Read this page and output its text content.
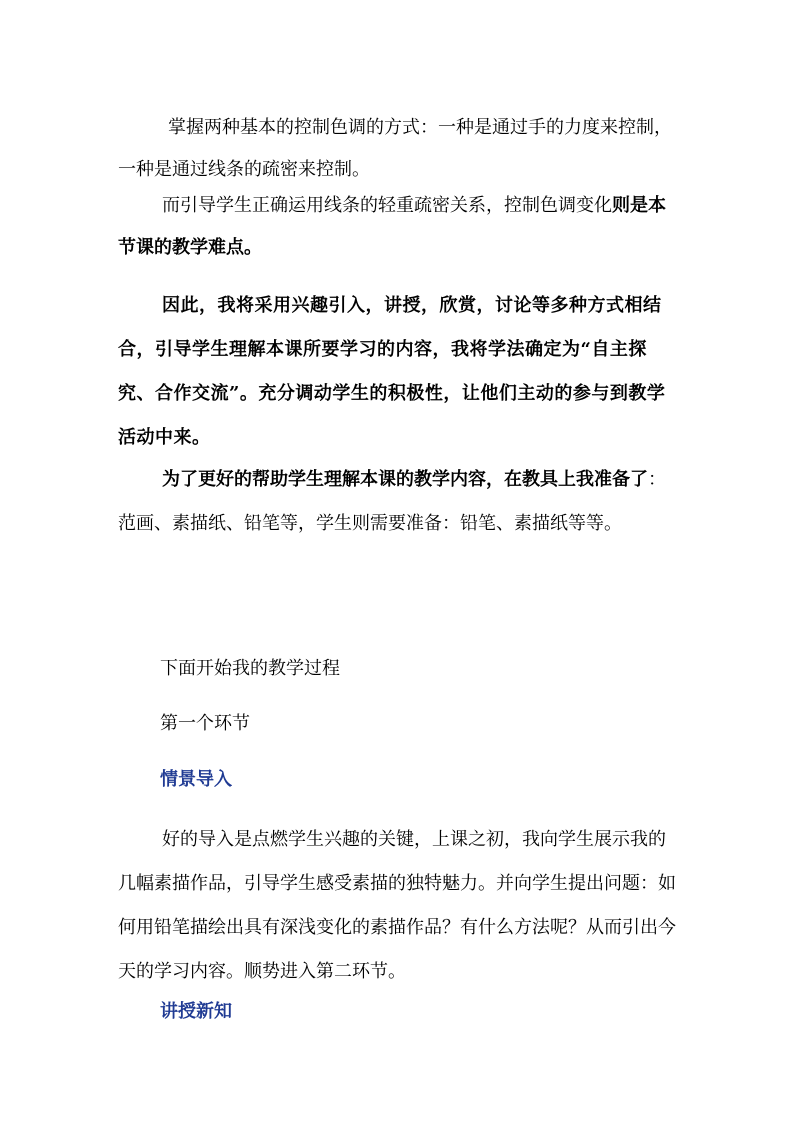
掌握两种基本的控制色调的方式：一种是通过手的力度来控制，一种是通过线条的疏密来控制。

而引导学生正确运用线条的轻重疏密关系，控制色调变化则是本节课的教学难点。

因此，我将采用兴趣引入，讲授，欣赏，讨论等多种方式相结合，引导学生理解本课所要学习的内容，我将学法确定为“自主探究、合作交流”。充分调动学生的积极性，让他们主动的参与到教学活动中来。

为了更好的帮助学生理解本课的教学内容，在教具上我准备了：范画、素描纸、铅笔等，学生则需要准备：铅笔、素描纸等等。

下面开始我的教学过程

第一个环节

情景导入

好的导入是点燃学生兴趣的关键，上课之初，我向学生展示我的几幅素描作品，引导学生感受素描的独特魅力。并向学生提出问题：如何用铅笔描绘出具有深浅变化的素描作品？有什么方法呢？从而引出今天的学习内容。顺势进入第二环节。

讲授新知
